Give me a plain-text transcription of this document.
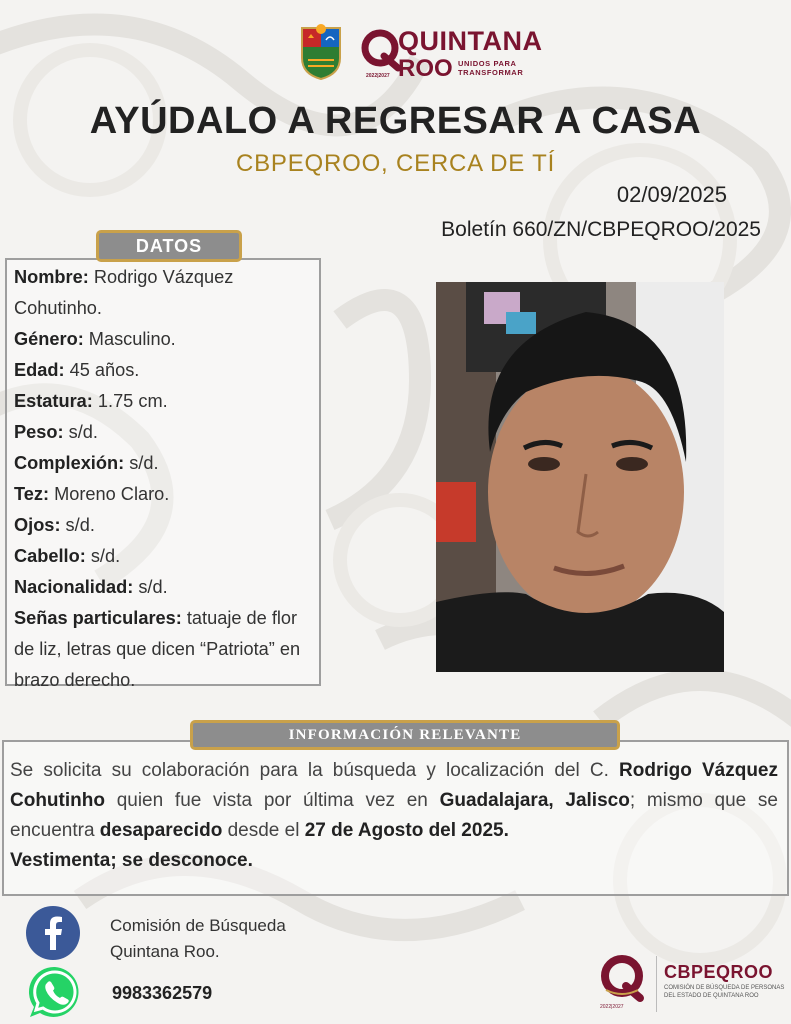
QUINTANA
ROO UNIDOS PARA TRANSFORMAR
2022|2027
AYÚDALO A REGRESAR A CASA
CBPEQROO, CERCA DE TÍ
02/09/2025
Boletín 660/ZN/CBPEQROO/2025
DATOS
Nombre: Rodrigo Vázquez Cohutinho.
Género: Masculino.
Edad: 45 años.
Estatura: 1.75 cm.
Peso: s/d.
Complexión: s/d.
Tez: Moreno Claro.
Ojos: s/d.
Cabello: s/d.
Nacionalidad: s/d.
Señas particulares: tatuaje de flor de liz, letras que dicen “Patriota” en brazo derecho.
INFORMACIÓN RELEVANTE
Se solicita su colaboración para la búsqueda y localización del C. Rodrigo Vázquez Cohutinho quien fue vista por última vez en Guadalajara, Jalisco; mismo que se encuentra desaparecido desde el 27 de Agosto del 2025.
Vestimenta; se desconoce.
Comisión de Búsqueda
Quintana Roo.
9983362579
CBPEQROO
COMISIÓN DE BÚSQUEDA DE PERSONAS DEL ESTADO DE QUINTANA ROO
2022|2027
